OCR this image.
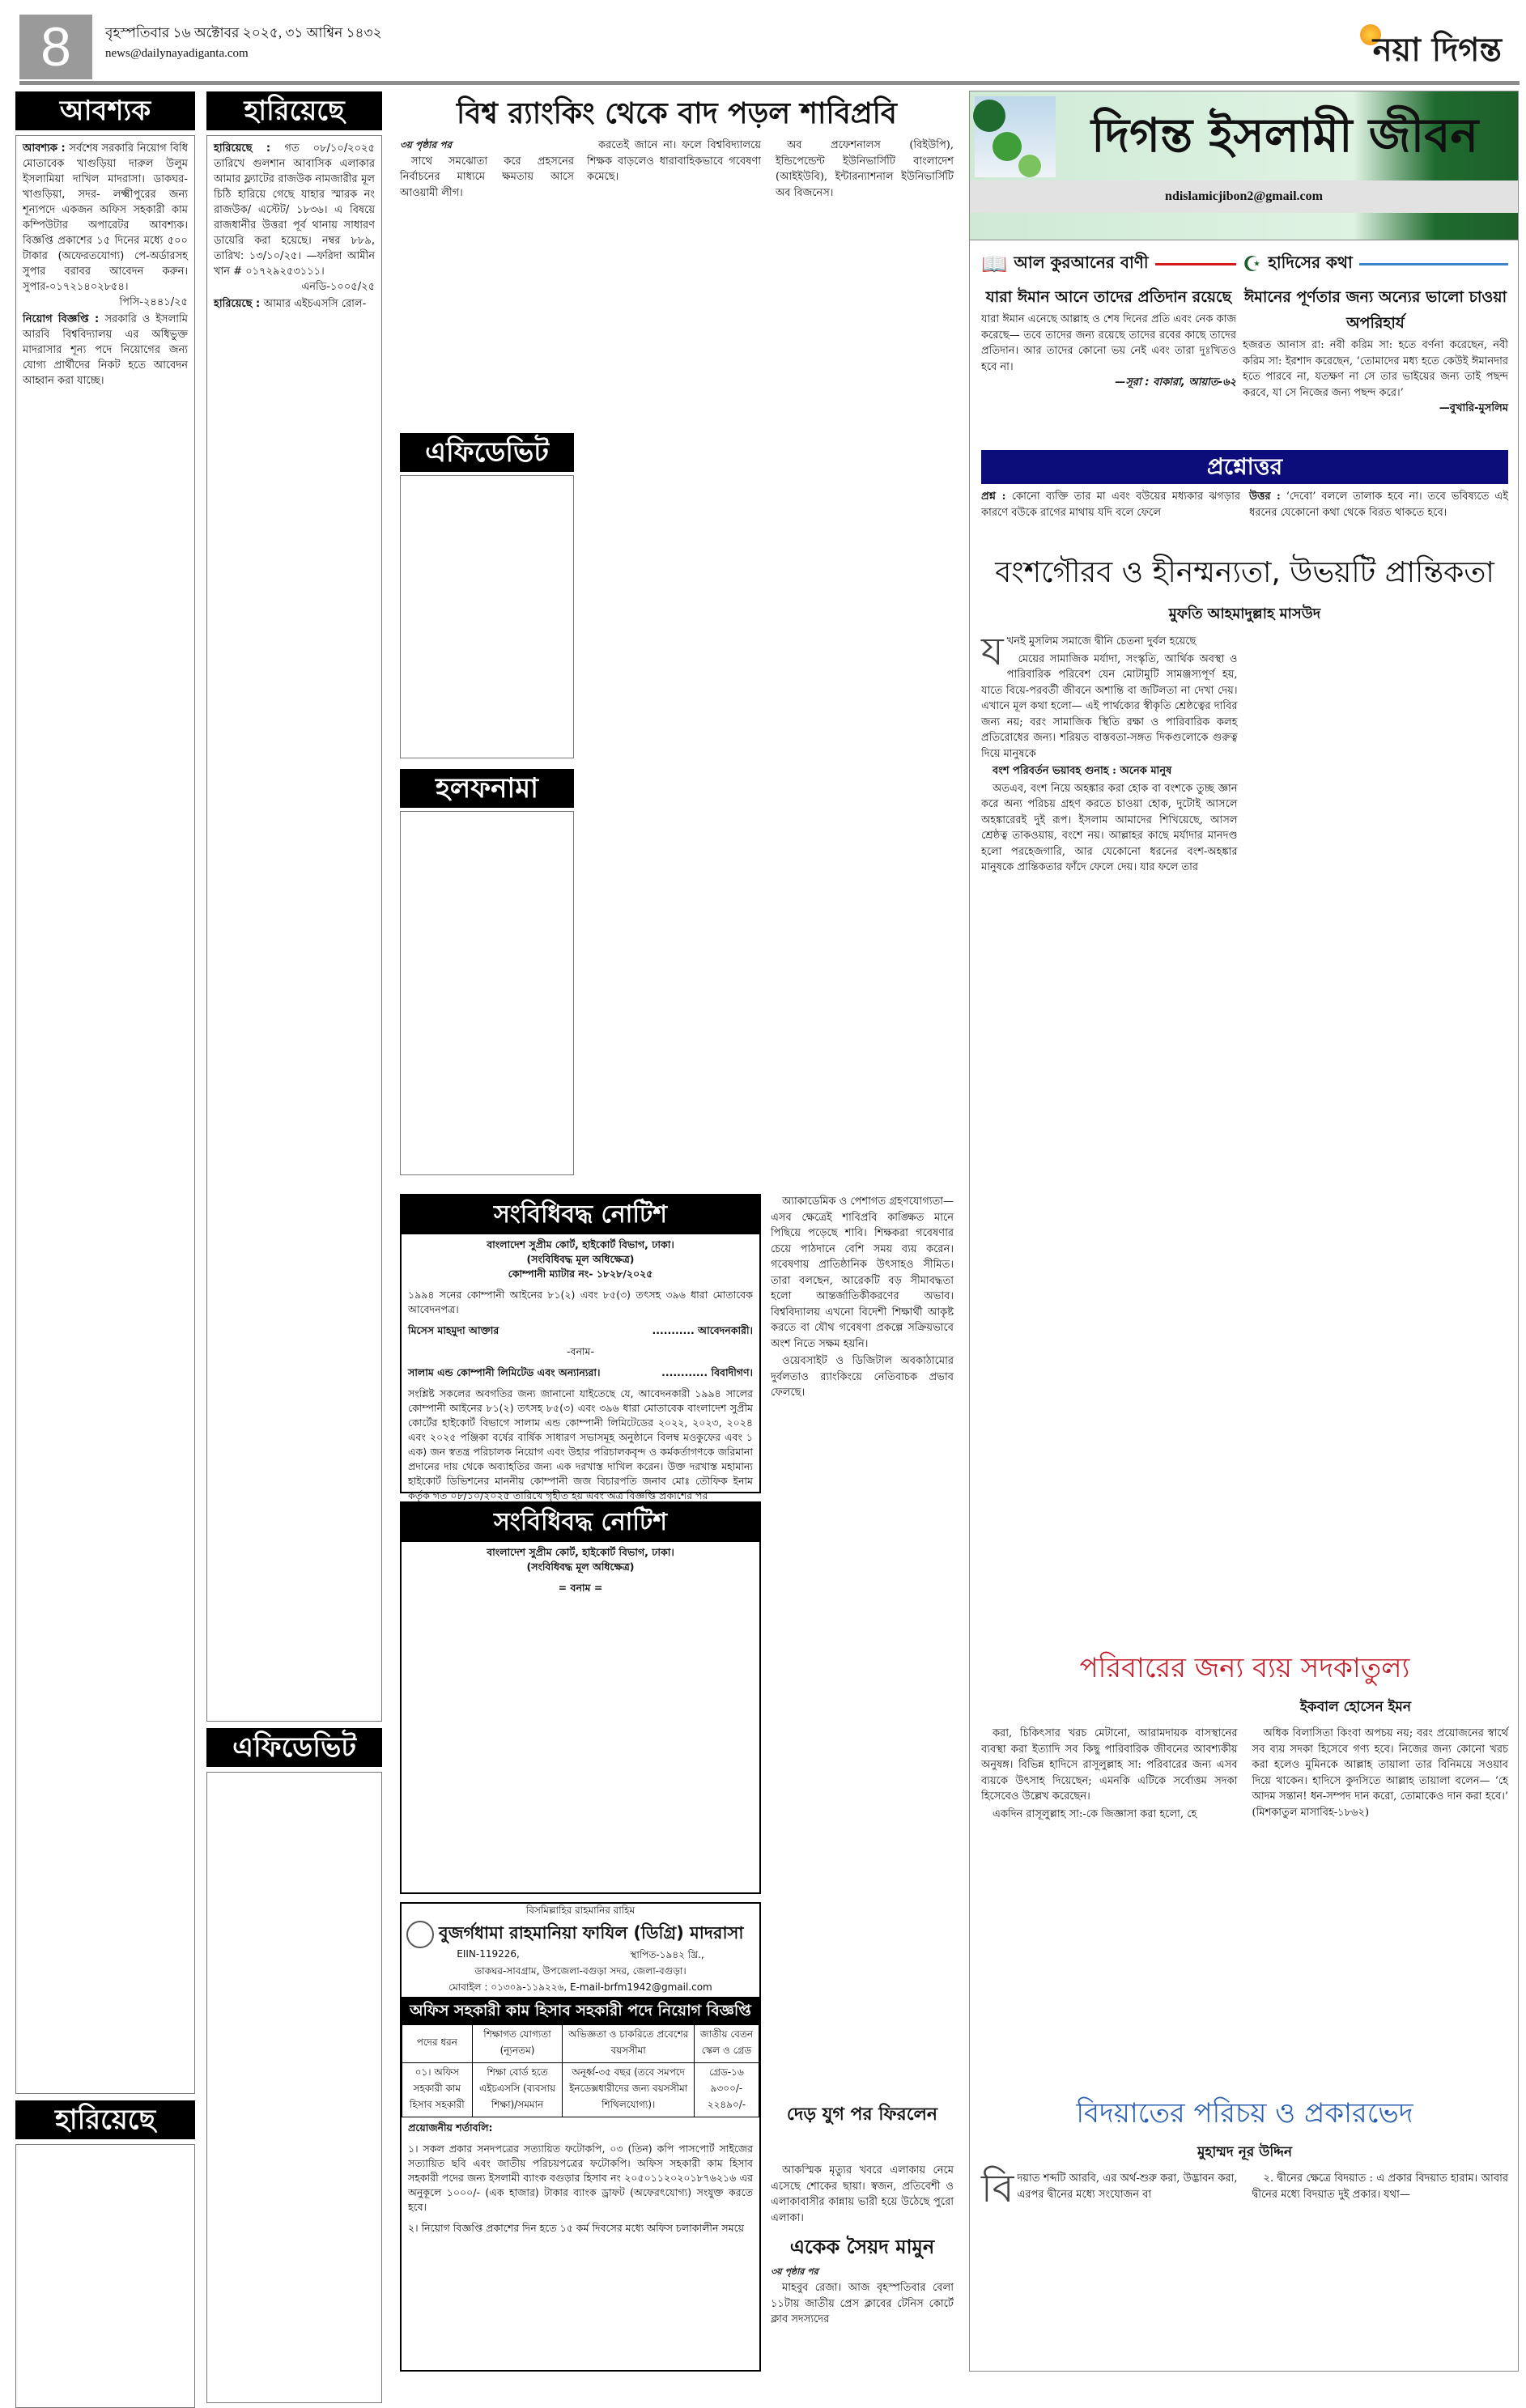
8	বৃহস্পতিবার ১৬ অক্টোবর ২০২৫, ৩১ আশ্বিন ১৪৩২
news@dailynayadiganta.com	নয়া দিগন্ত
আবশ্যক

আবশ্যক : সর্বশেষ সরকারি নিয়োগ বিধি মোতাবেক খাগুড়িয়া দারুল উলুম ইসলামিয়া দাখিল মাদরাসা। ডাকঘর- খাগুড়িয়া, সদর- লক্ষ্মীপুরের জন্য শূন্যপদে একজন অফিস সহকারী কাম কম্পিউটার অপারেটর আবশ্যক। বিজ্ঞপ্তি প্রকাশের ১৫ দিনের মধ্যে ৫০০ টাকার (অফেরতযোগ্য) পে-অর্ডারসহ সুপার বরাবর আবেদন করুন। সুপার-০১৭২১৪০২৮৫৪।
পিসি-২৪৪১/২৫

নিয়োগ বিজ্ঞপ্তি : সরকারি ও ইসলামি আরবি বিশ্ববিদ্যালয় এর অধিভুক্ত মাদরাসার শূন্য পদে নিয়োগের জন্য যোগ্য প্রার্থীদের নিকট হতে আবেদন আহ্বান করা যাচ্ছে।

হারিয়েছে
হারিয়েছে

হারিয়েছে : গত ০৮/১০/২০২৫ তারিখে গুলশান আবাসিক এলাকার আমার ফ্ল্যাটের রাজউক নামজারীর মূল চিঠি হারিয়ে গেছে যাহার স্মারক নং রাজউক/ এস্টেট/ ১৮৩৬। এ বিষয়ে রাজধানীর উত্তরা পূর্ব থানায় সাধারণ ডায়েরি করা হয়েছে। নম্বর ৮৮৯, তারিখ: ১৩/১০/২৫। —ফরিদা আমীন খান # ০১৭২৯২৫৩১১১।
এনডি-১০০৫/২৫

হারিয়েছে : আমার এইচএসসি রোল-

এফিডেভিট
বিশ্ব র‍্যাংকিং থেকে বাদ পড়ল শাবিপ্রবি
৩য় পৃষ্ঠার পর

সাথে সমঝোতা করে প্রহসনের নির্বাচনের মাধ্যমে ক্ষমতায় আসে আওয়ামী লীগ।

করতেই জানে না। ফলে বিশ্ববিদ্যালয়ে শিক্ষক বাড়লেও ধারাবাহিকভাবে গবেষণা কমেছে।

অব প্রফেশনালস (বিইউপি), ইন্ডিপেন্ডেন্ট ইউনিভার্সিটি বাংলাদেশ (আইইউবি), ইন্টারন্যাশনাল ইউনিভার্সিটি অব বিজনেস।

এফিডেভিট
হলফনামা
সংবিধিবদ্ধ নোটিশ
বাংলাদেশ সুপ্রীম কোর্ট, হাইকোর্ট বিভাগ, ঢাকা।
(সংবিধিবদ্ধ মূল অধিক্ষেত্র)
কোম্পানী ম্যাটার নং- ১৮২৮/২০২৫
১৯৯৪ সনের কোম্পানী আইনের ৮১(২) এবং ৮৫(৩) তৎসহ ৩৯৬ ধারা মোতাবেক আবেদনপত্র।
মিসেস মাহমুদা আক্তার	........... আবেদনকারী।
-বনাম-
সালাম এন্ড কোম্পানী লিমিটেড এবং অন্যান্যরা।	............ বিবাদীগণ।
সংশ্লিষ্ট সকলের অবগতির জন্য জানানো যাইতেছে যে, আবেদনকারী ১৯৯৪ সালের কোম্পানী আইনের ৮১(২) তৎসহ ৮৫(৩) এবং ৩৯৬ ধারা মোতাবেক বাংলাদেশ সুপ্রীম কোর্টের হাইকোর্ট বিভাগে সালাম এন্ড কোম্পানী লিমিটেডের ২০২২, ২০২৩, ২০২৪ এবং ২০২৫ পঞ্জিকা বর্ষের বার্ষিক সাধারণ সভাসমূহ অনুষ্ঠানে বিলম্ব মওকুফের এবং ১ এক) জন স্বতন্ত্র পরিচালক নিয়োগ এবং উহার পরিচালকবৃন্দ ও কর্মকর্তাগণকে জরিমানা প্রদানের দায় থেকে অব্যাহতির জন্য এক দরখাস্ত দাখিল করেন। উক্ত দরখাস্ত মহামান্য হাইকোর্ট ডিভিশনের মাননীয় কোম্পানী জজ বিচারপতি জনাব মোঃ তৌফিক ইনাম কর্তৃক গত ০৮/১০/২০২৫ তারিখে গৃহীত হয় এবং অত্র বিজ্ঞপ্তি প্রকাশের পর
সংবিধিবদ্ধ নোটিশ
বাংলাদেশ সুপ্রীম কোর্ট, হাইকোর্ট বিভাগ, ঢাকা।
(সংবিধিবদ্ধ মূল অধিক্ষেত্র)
= বনাম =
বিসমিল্লাহির রাহমানির রাহিম
বুজর্গধামা রাহমানিয়া ফাযিল (ডিগ্রি) মাদরাসা
EIIN-119226,	স্থাপিত-১৯৪২ খ্রি.,
ডাকঘর-সাবগ্রাম, উপজেলা-বগুড়া সদর, জেলা-বগুড়া।
মোবাইল : ০১৩০৯-১১৯২২৬, E-mail-brfm1942@gmail.com
অফিস সহকারী কাম হিসাব সহকারী পদে নিয়োগ বিজ্ঞপ্তি
পদের ধরন	শিক্ষাগত যোগ্যতা (ন্যূনতম)	অভিজ্ঞতা ও চাকরিতে প্রবেশের বয়সসীমা	জাতীয় বেতন স্কেল ও গ্রেড
০১। অফিস সহকারী কাম হিসাব সহকারী	শিক্ষা বোর্ড হতে এইচএসসি (ব্যবসায় শিক্ষা)/সমমান	অনূর্ধ্ব-৩৫ বছর (তবে সমপদে ইনডেক্সধারীদের জন্য বয়সসীমা শিথিলযোগ্য)।	গ্রেড-১৬ ৯৩০০/- ২২৪৯০/-
প্রয়োজনীয় শর্তাবলি:
১। সকল প্রকার সনদপত্রের সত্যায়িত ফটোকপি, ০৩ (তিন) কপি পাসপোর্ট সাইজের সত্যায়িত ছবি এবং জাতীয় পরিচয়পত্রের ফটোকপি। অফিস সহকারী কাম হিসাব সহকারী পদের জন্য ইসলামী ব্যাংক বগুড়ার হিসাব নং ২০৫০১১২০২০১৮৭৬২১৬ এর অনুকূলে ১০০০/- (এক হাজার) টাকার ব্যাংক ড্রাফট (অফেরৎযোগ্য) সংযুক্ত করতে হবে।
২। নিয়োগ বিজ্ঞপ্তি প্রকাশের দিন হতে ১৫ কর্ম দিবসের মধ্যে অফিস চলাকালীন সময়ে

অ্যাকাডেমিক ও পেশাগত গ্রহণযোগ্যতা— এসব ক্ষেত্রেই শাবিপ্রবি কাঙ্ক্ষিত মানে পিছিয়ে পড়েছে শাবি। শিক্ষকরা গবেষণার চেয়ে পাঠদানে বেশি সময় ব্যয় করেন। গবেষণায় প্রাতিষ্ঠানিক উৎসাহও সীমিত। তারা বলছেন, আরেকটি বড় সীমাবদ্ধতা হলো আন্তর্জাতিকীকরণের অভাব। বিশ্ববিদ্যালয় এখনো বিদেশী শিক্ষার্থী আকৃষ্ট করতে বা যৌথ গবেষণা প্রকল্পে সক্রিয়ভাবে অংশ নিতে সক্ষম হয়নি।

ওয়েবসাইট ও ডিজিটাল অবকাঠামোর দুর্বলতাও র‍্যাংকিংয়ে নেতিবাচক প্রভাব ফেলছে।

দেড় যুগ পর ফিরলেন

আকস্মিক মৃত্যুর খবরে এলাকায় নেমে এসেছে শোকের ছায়া। স্বজন, প্রতিবেশী ও এলাকাবাসীর কান্নায় ভারী হয়ে উঠেছে পুরো এলাকা।

একেক সৈয়দ মামুন
৩য় পৃষ্ঠার পর

মাহবুব রেজা। আজ বৃহস্পতিবার বেলা ১১টায় জাতীয় প্রেস ক্লাবের টেনিস কোর্টে ক্লাব সদস্যদের

দিগন্ত ইসলামী জীবন
ndislamicjibon2@gmail.com
📖 আল কুরআনের বাণী
যারা ঈমান আনে তাদের প্রতিদান রয়েছে
যারা ঈমান এনেছে আল্লাহ ও শেষ দিনের প্রতি এবং নেক কাজ করেছে— তবে তাদের জন্য রয়েছে তাদের রবের কাছে তাদের প্রতিদান। আর তাদের কোনো ভয় নেই এবং তারা দুঃখিতও হবে না।
—সূরা : বাকারা, আয়াত-৬২
☪ হাদিসের কথা
ঈমানের পূর্ণতার জন্য অন্যের ভালো চাওয়া অপরিহার্য
হজরত আনাস রা: নবী করিম সা: হতে বর্ণনা করেছেন, নবী করিম সা: ইরশাদ করেছেন, ‘তোমাদের মধ্য হতে কেউই ঈমানদার হতে পারবে না, যতক্ষণ না সে তার ভাইয়ের জন্য তাই পছন্দ করবে, যা সে নিজের জন্য পছন্দ করে।’
—বুখারি-মুসলিম
প্রশ্নোত্তর
প্রশ্ন : কোনো ব্যক্তি তার মা এবং বউয়ের মধ্যকার ঝগড়ার কারণে বউকে রাগের মাথায় যদি বলে ফেলে
উত্তর : ‘দেবো’ বললে তালাক হবে না। তবে ভবিষ্যতে এই ধরনের যেকোনো কথা থেকে বিরত থাকতে হবে।
বংশগৌরব ও হীনম্মন্যতা, উভয়টি প্রান্তিকতা
মুফতি আহমাদুল্লাহ মাসউদ

যখনই মুসলিম সমাজে দ্বীনি চেতনা দুর্বল হয়েছে

মেয়ের সামাজিক মর্যাদা, সংস্কৃতি, আর্থিক অবস্থা ও পারিবারিক পরিবেশ যেন মোটামুটি সামঞ্জস্যপূর্ণ হয়, যাতে বিয়ে-পরবর্তী জীবনে অশান্তি বা জটিলতা না দেখা দেয়। এখানে মূল কথা হলো— এই পার্থক্যের স্বীকৃতি শ্রেষ্ঠত্বের দাবির জন্য নয়; বরং সামাজিক স্থিতি রক্ষা ও পারিবারিক কলহ প্রতিরোধের জন্য। শরিয়ত বাস্তবতা-সঙ্গত দিকগুলোকে গুরুত্ব দিয়ে মানুষকে

বংশ পরিবর্তন ভয়াবহ গুনাহ : অনেক মানুষ

অতএব, বংশ নিয়ে অহঙ্কার করা হোক বা বংশকে তুচ্ছ জ্ঞান করে অন্য পরিচয় গ্রহণ করতে চাওয়া হোক, দুটোই আসলে অহঙ্কারেরই দুই রূপ। ইসলাম আমাদের শিখিয়েছে, আসল শ্রেষ্ঠত্ব তাকওয়ায়, বংশে নয়। আল্লাহর কাছে মর্যাদার মানদণ্ড হলো পরহেজগারি, আর যেকোনো ধরনের বংশ-অহঙ্কার মানুষকে প্রান্তিকতার ফাঁদে ফেলে দেয়। যার ফলে তার

পরিবারের জন্য ব্যয় সদকাতুল্য
ইকবাল হোসেন ইমন

করা, চিকিৎসার খরচ মেটানো, আরামদায়ক বাসস্থানের ব্যবস্থা করা ইত্যাদি সব কিছু পারিবারিক জীবনের আবশ্যকীয় অনুষঙ্গ। বিভিন্ন হাদিসে রাসূলুল্লাহ সা: পরিবারের জন্য এসব ব্যয়কে উৎসাহ দিয়েছেন; এমনকি এটিকে সর্বোত্তম সদকা হিসেবেও উল্লেখ করেছেন।

একদিন রাসূলুল্লাহ সা:-কে জিজ্ঞাসা করা হলো, হে

অধিক বিলাসিতা কিংবা অপচয় নয়; বরং প্রয়োজনের স্বার্থে সব ব্যয় সদকা হিসেবে গণ্য হবে। নিজের জন্য কোনো খরচ করা হলেও মুমিনকে আল্লাহ তায়ালা তার বিনিময়ে সওয়াব দিয়ে থাকেন। হাদিসে কুদসিতে আল্লাহ তায়ালা বলেন— ‘হে আদম সন্তান! ধন-সম্পদ দান করো, তোমাকেও দান করা হবে।’ (মিশকাতুল মাসাবিহ-১৮৬২)

বিদয়াতের পরিচয় ও প্রকারভেদ
মুহাম্মদ নূর উদ্দিন

বিদয়াত শব্দটি আরবি, এর অর্থ-শুরু করা, উদ্ভাবন করা, এরপর দ্বীনের মধ্যে সংযোজন বা

২. দ্বীনের ক্ষেত্রে বিদয়াত : এ প্রকার বিদয়াত হারাম। আবার দ্বীনের মধ্যে বিদয়াত দুই প্রকার। যথা—
